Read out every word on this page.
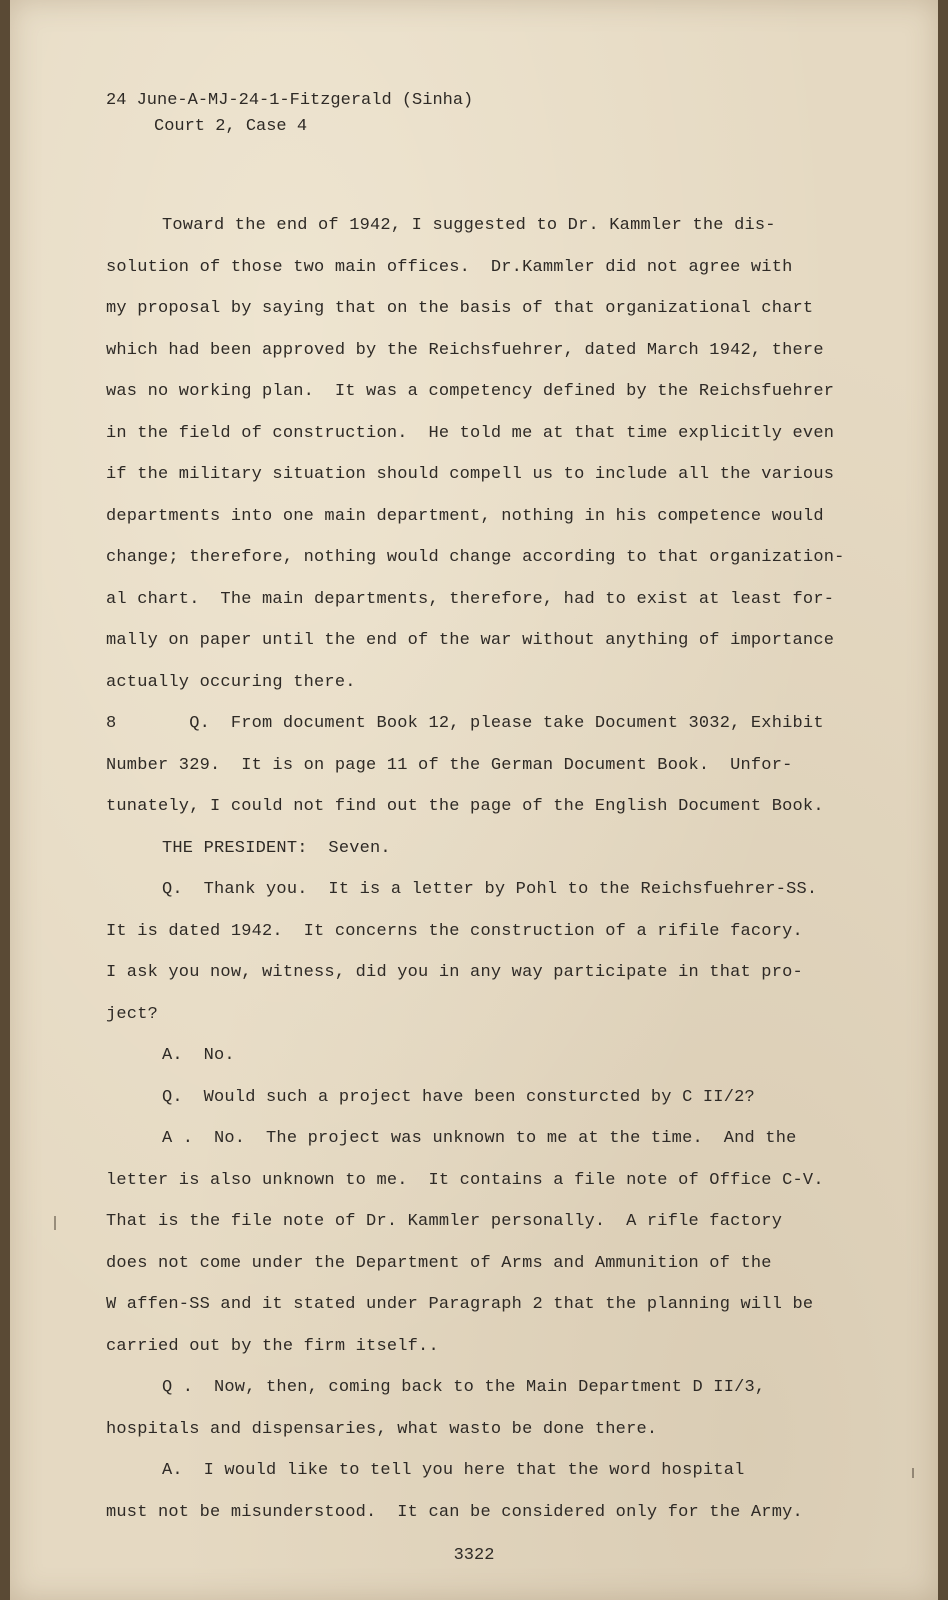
24 June-A-MJ-24-1-Fitzgerald (Sinha)
Court 2, Case 4
Toward the end of 1942, I suggested to Dr. Kammler the dis-
solution of those two main offices.  Dr.Kammler did not agree with
my proposal by saying that on the basis of that organizational chart
which had been approved by the Reichsfuehrer, dated March 1942, there
was no working plan.  It was a competency defined by the Reichsfuehrer
in the field of construction.  He told me at that time explicitly even
if the military situation should compell us to include all the various
departments into one main department, nothing in his competence would
change; therefore, nothing would change according to that organization-
al chart.  The main departments, therefore, had to exist at least for-
mally on paper until the end of the war without anything of importance
actually occuring there.
8       Q.  From document Book 12, please take Document 3032, Exhibit
Number 329.  It is on page 11 of the German Document Book.  Unfor-
tunately, I could not find out the page of the English Document Book.
THE PRESIDENT:  Seven.
Q.  Thank you.  It is a letter by Pohl to the Reichsfuehrer-SS.
It is dated 1942.  It concerns the construction of a rifile facory.
I ask you now, witness, did you in any way participate in that pro-
ject?
A.  No.
Q.  Would such a project have been consturcted by C II/2?
A .  No.  The project was unknown to me at the time.  And the
letter is also unknown to me.  It contains a file note of Office C-V.
That is the file note of Dr. Kammler personally.  A rifle factory
does not come under the Department of Arms and Ammunition of the
W affen-SS and it stated under Paragraph 2 that the planning will be
carried out by the firm itself..
Q .  Now, then, coming back to the Main Department D II/3,
hospitals and dispensaries, what wasto be done there.
A.  I would like to tell you here that the word hospital
must not be misunderstood.  It can be considered only for the Army.
3322
